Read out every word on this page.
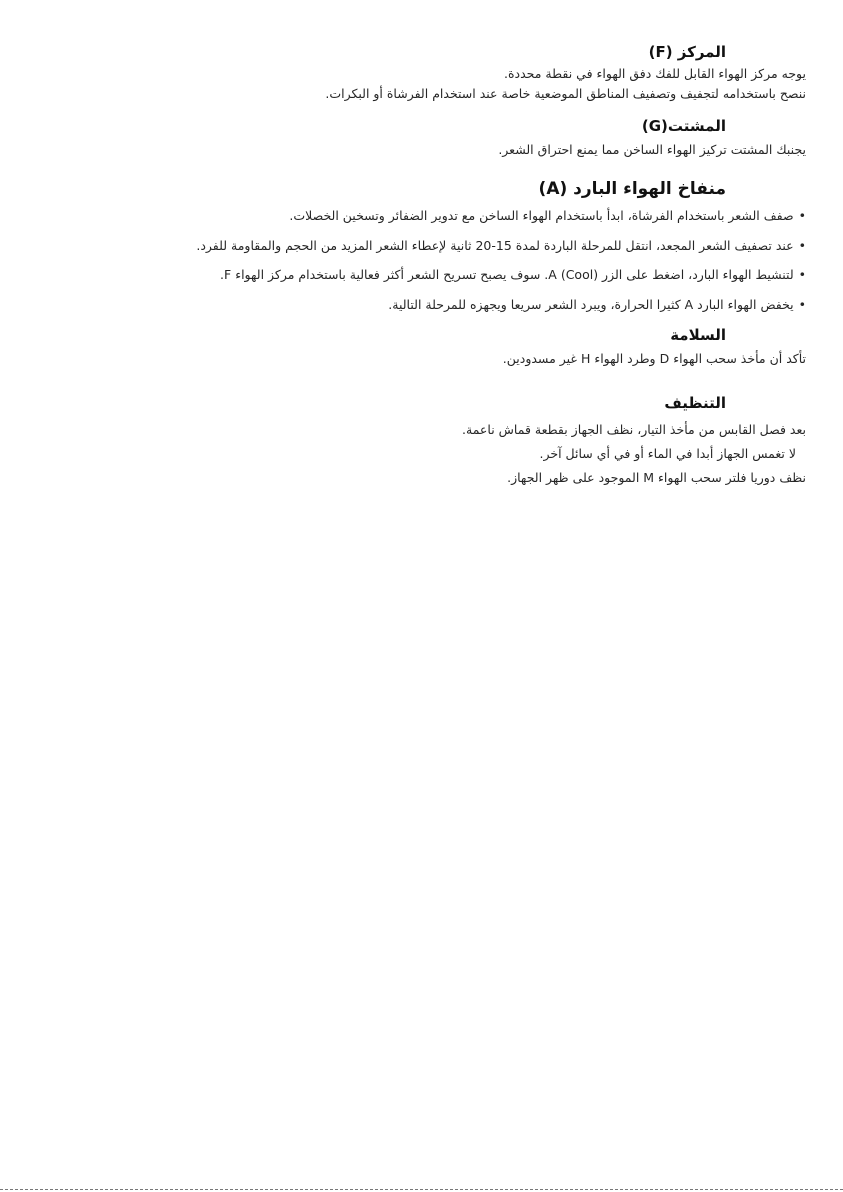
المركز (F)
يوجه مركز الهواء القابل للفك دفق الهواء في نقطة محددة.
ننصح باستخدامه لتجفيف وتصفيف المناطق الموضعية خاصة عند استخدام الفرشاة أو البكرات.
المشتت(G)
يجنبك المشتت تركيز الهواء الساخن مما يمنع احتراق الشعر.
منفاخ الهواء البارد (A)
•صفف الشعر باستخدام الفرشاة، ابدأ باستخدام الهواء الساخن مع تدوير الضفائر وتسخين الخصلات.
•عند تصفيف الشعر المجعد، انتقل للمرحلة الباردة لمدة 15-20 ثانية لإعطاء الشعر المزيد من الحجم والمقاومة للفرد.
•لتنشيط الهواء البارد، اضغط على الزر (Cool) A. سوف يصبح تسريح الشعر أكثر فعالية باستخدام مركز الهواء F.
•يخفض الهواء البارد A كثيرا الحرارة، ويبرد الشعر سريعا ويجهزه للمرحلة التالية.
السلامة
تأكد أن مأخذ سحب الهواء D وطرد الهواء H غير مسدودين.
التنظيف
بعد فصل القابس من مأخذ التيار، نظف الجهاز بقطعة قماش ناعمة.
لا تغمس الجهاز أبدا في الماء أو في أي سائل آخر.
نظف دوريا فلتر سحب الهواء M الموجود على ظهر الجهاز.
